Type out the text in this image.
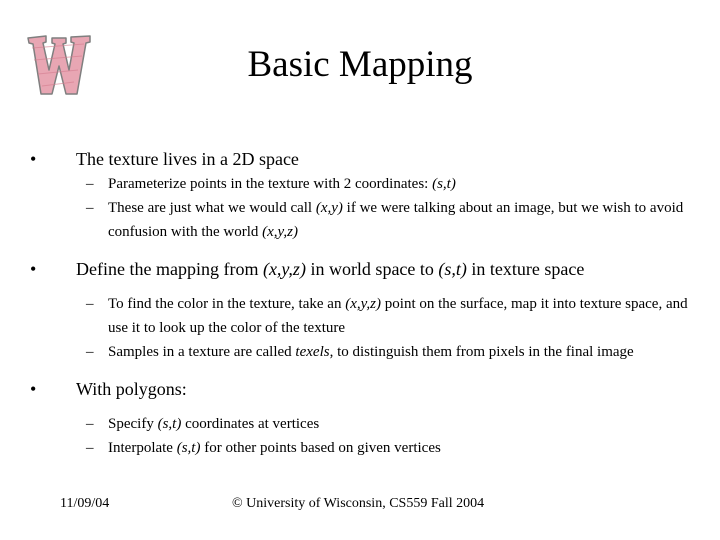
Basic Mapping
•	The texture lives in a 2D space
– Parameterize points in the texture with 2 coordinates: (s,t)
– These are just what we would call (x,y) if we were talking about an image, but we wish to avoid confusion with the world (x,y,z)
•	Define the mapping from (x,y,z) in world space to (s,t) in texture space
– To find the color in the texture, take an (x,y,z) point on the surface, map it into texture space, and use it to look up the color of the texture
– Samples in a texture are called texels, to distinguish them from pixels in the final image
•	With polygons:
– Specify (s,t) coordinates at vertices
– Interpolate (s,t) for other points based on given vertices
11/09/04	© University of Wisconsin, CS559 Fall 2004
